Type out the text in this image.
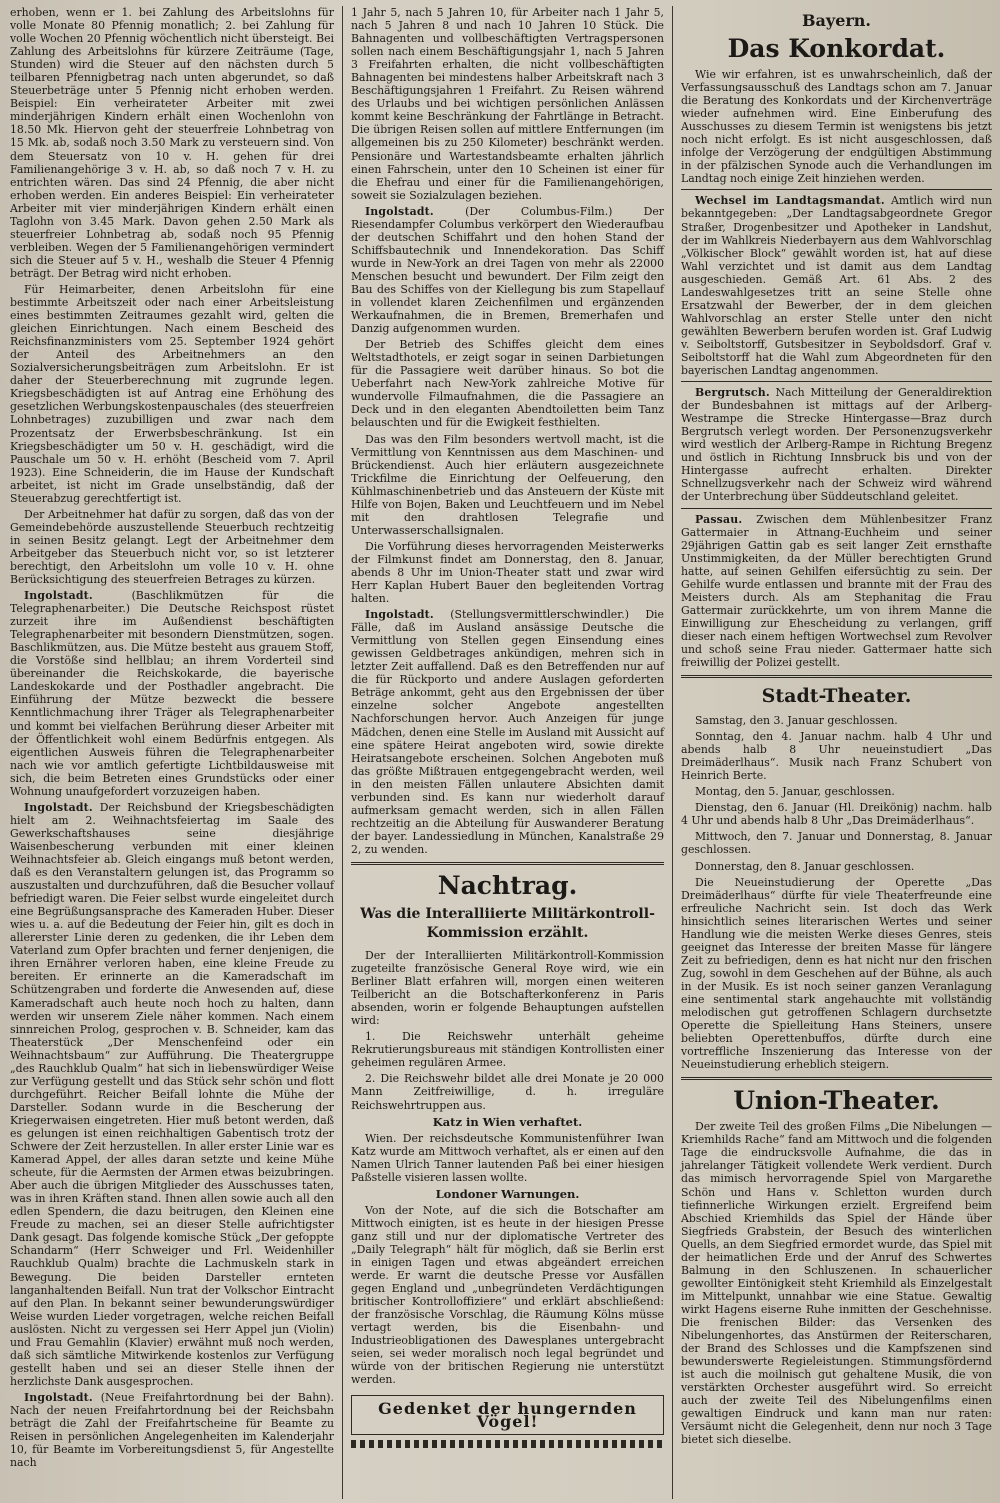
erhoben, wenn er 1. bei Zahlung des Arbeitslohns für volle Monate 80 Pfennig monatlich; 2. bei Zahlung für volle Wochen 20 Pfennig wöchentlich nicht übersteigt. Bei Zahlung des Arbeitslohns für kürzere Zeiträume (Tage, Stunden) wird die Steuer auf den nächsten durch 5 teilbaren Pfennigbetrag nach unten abgerundet, so daß Steuerbeträge unter 5 Pfennig nicht erhoben werden. Beispiel: Ein verheirateter Arbeiter mit zwei minderjährigen Kindern erhält einen Wochenlohn von 18.50 Mk. Hiervon geht der steuerfreie Lohnbetrag von 15 Mk. ab, sodaß noch 3.50 Mark zu versteuern sind. Von dem Steuersatz von 10 v. H. gehen für drei Familienangehörige 3 v. H. ab, so daß noch 7 v. H. zu entrichten wären. Das sind 24 Pfennig, die aber nicht erhoben werden. Ein anderes Beispiel: Ein verheirateter Arbeiter mit vier minderjährigen Kindern erhält einen Taglohn von 3.45 Mark. Davon gehen 2.50 Mark als steuerfreier Lohnbetrag ab, sodaß noch 95 Pfennig verbleiben. Wegen der 5 Familienangehörigen vermindert sich die Steuer auf 5 v. H., weshalb die Steuer 4 Pfennig beträgt. Der Betrag wird nicht erhoben.

Für Heimarbeiter, denen Arbeitslohn für eine bestimmte Arbeitszeit oder nach einer Arbeitsleistung eines bestimmten Zeitraumes gezahlt wird, gelten die gleichen Einrichtungen. Nach einem Bescheid des Reichsfinanzministers vom 25. September 1924 gehört der Anteil des Arbeitnehmers an den Sozialversicherungsbeiträgen zum Arbeitslohn. Er ist daher der Steuerberechnung mit zugrunde legen. Kriegsbeschädigten ist auf Antrag eine Erhöhung des gesetzlichen Werbungskostenpauschales (des steuerfreien Lohnbetrages) zuzubilligen und zwar nach dem Prozentsatz der Erwerbsbeschränkung. Ist ein Kriegsbeschädigter um 50 v. H. geschädigt, wird die Pauschale um 50 v. H. erhöht (Bescheid vom 7. April 1923). Eine Schneiderin, die im Hause der Kundschaft arbeitet, ist nicht im Grade unselbständig, daß der Steuerabzug gerechtfertigt ist.

Der Arbeitnehmer hat dafür zu sorgen, daß das von der Gemeindebehörde auszustellende Steuerbuch rechtzeitig in seinen Besitz gelangt. Legt der Arbeitnehmer dem Arbeitgeber das Steuerbuch nicht vor, so ist letzterer berechtigt, den Arbeitslohn um volle 10 v. H. ohne Berücksichtigung des steuerfreien Betrages zu kürzen.

Ingolstadt.	(Baschlikmützen für die Telegraphenarbeiter.) Die Deutsche Reichspost rüstet zurzeit ihre im Außendienst beschäftigten Telegraphenarbeiter mit besondern Dienstmützen, sogen. Baschlikmützen, aus. Die Mütze besteht aus grauem Stoff, die Vorstöße sind hellblau; an ihrem Vorderteil sind übereinander die Reichskokarde, die bayerische Landeskokarde und der Posthadler angebracht. Die Einführung der Mütze bezweckt die bessere Kenntlichmachung ihrer Träger als Telegraphenarbeiter und kommt bei vielfachen Berührung dieser Arbeiter mit der Öffentlichkeit wohl einem Bedürfnis entgegen. Als eigentlichen Ausweis führen die Telegraphenarbeiter nach wie vor amtlich gefertigte Lichtbildausweise mit sich, die beim Betreten eines Grundstücks oder einer Wohnung unaufgefordert vorzuzeigen haben.

Ingolstadt. Der Reichsbund der Kriegsbeschädigten hielt am 2. Weihnachtsfeiertag im Saale des Gewerkschaftshauses seine diesjährige Waisenbescherung verbunden mit einer kleinen Weihnachtsfeier ab. Gleich eingangs muß betont werden, daß es den Veranstaltern gelungen ist, das Programm so auszustalten und durchzuführen, daß die Besucher vollauf befriedigt waren. Die Feier selbst wurde eingeleitet durch eine Begrüßungsansprache des Kameraden Huber. Dieser wies u. a. auf die Bedeutung der Feier hin, gilt es doch in allererster Linie deren zu gedenken, die ihr Leben dem Vaterland zum Opfer brachten und ferner denjenigen, die ihren Ernährer verloren haben, eine kleine Freude zu bereiten. Er erinnerte an die Kameradschaft im Schützengraben und forderte die Anwesenden auf, diese Kameradschaft auch heute noch hoch zu halten, dann werden wir unserem Ziele näher kommen. Nach einem sinnreichen Prolog, gesprochen v. B. Schneider, kam das Theaterstück „Der Menschenfeind oder ein Weihnachtsbaum“ zur Aufführung. Die Theatergruppe „des Rauchklub Qualm“ hat sich in liebenswürdiger Weise zur Verfügung gestellt und das Stück sehr schön und flott durchgeführt. Reicher Beifall lohnte die Mühe der Darsteller. Sodann wurde in die Bescherung der Kriegerwaisen eingetreten. Hier muß betont werden, daß es gelungen ist einen reichhaltigen Gabentisch trotz der Schwere der Zeit herzustellen. In aller erster Linie war es Kamerad Appel, der alles daran setzte und keine Mühe scheute, für die Aermsten der Armen etwas beizubringen. Aber auch die übrigen Mitglieder des Ausschusses taten, was in ihren Kräften stand. Ihnen allen sowie auch all den edlen Spendern, die dazu beitrugen, den Kleinen eine Freude zu machen, sei an dieser Stelle aufrichtigster Dank gesagt. Das folgende komische Stück „Der gefoppte Schandarm“ (Herr Schweiger und Frl. Weidenhiller Rauchklub Qualm) brachte die Lachmuskeln stark in Bewegung. Die beiden Darsteller ernteten langanhaltenden Beifall. Nun trat der Volkschor Eintracht auf den Plan. In bekannt seiner bewunderungswürdiger Weise wurden Lieder vorgetragen, welche reichen Beifall auslösten. Nicht zu vergessen sei Herr Appel jun (Violin) und Frau Gemahlin (Klavier) erwähnt muß noch werden, daß sich sämtliche Mitwirkende kostenlos zur Verfügung gestellt haben und sei an dieser Stelle ihnen der herzlichste Dank ausgesprochen.

Ingolstadt. (Neue Freifahrtordnung bei der Bahn). Nach der neuen Freifahrtordnung bei der Reichsbahn beträgt die Zahl der Freifahrtscheine für Beamte zu Reisen in persönlichen Angelegenheiten im Kalenderjahr 10, für Beamte im Vorbereitungsdienst 5, für Angestellte nach

1 Jahr 5, nach 5 Jahren 10, für Arbeiter nach 1 Jahr 5, nach 5 Jahren 8 und nach 10 Jahren 10 Stück. Die Bahnagenten und vollbeschäftigten Vertragspersonen sollen nach einem Beschäftigungsjahr 1, nach 5 Jahren 3 Freifahrten erhalten, die nicht vollbeschäftigten Bahnagenten bei mindestens halber Arbeitskraft nach 3 Beschäftigungsjahren 1 Freifahrt. Zu Reisen während des Urlaubs und bei wichtigen persönlichen Anlässen kommt keine Beschränkung der Fahrtlänge in Betracht. Die übrigen Reisen sollen auf mittlere Entfernungen (im allgemeinen bis zu 250 Kilometer) beschränkt werden. Pensionäre und Wartestandsbeamte erhalten jährlich einen Fahrschein, unter den 10 Scheinen ist einer für die Ehefrau und einer für die Familienangehörigen, soweit sie Sozialzulagen beziehen.

Ingolstadt.	(Der Columbus-Film.) Der Riesendampfer Columbus verkörpert den Wiederaufbau der deutschen Schiffahrt und den hohen Stand der Schiffsbautechnik und Innendekoration. Das Schiff wurde in New-York an drei Tagen von mehr als 22000 Menschen besucht und bewundert. Der Film zeigt den Bau des Schiffes von der Kiellegung bis zum Stapellauf in vollendet klaren Zeichenfilmen und ergänzenden Werkaufnahmen, die in Bremen, Bremerhafen und Danzig aufgenommen wurden.

Der Betrieb des Schiffes gleicht dem eines Weltstadthotels, er zeigt sogar in seinen Darbietungen für die Passagiere weit darüber hinaus. So bot die Ueberfahrt nach New-York zahlreiche Motive für wundervolle Filmaufnahmen, die die Passagiere an Deck und in den eleganten Abendtoiletten beim Tanz belauschten und für die Ewigkeit festhielten.

Das was den Film besonders wertvoll macht, ist die Vermittlung von Kenntnissen aus dem Maschinen- und Brückendienst. Auch hier erläutern ausgezeichnete Trickfilme die Einrichtung der Oelfeuerung, den Kühlmaschinenbetrieb und das Ansteuern der Küste mit Hilfe von Bojen, Baken und Leuchtfeuern und im Nebel mit den drahtlosen Telegrafie und Unterwasserschallsignalen.

Die Vorführung dieses hervorragenden Meisterwerks der Filmkunst findet am Donnerstag, den 8. Januar, abends 8 Uhr im Union-Theater statt und zwar wird Herr Kaplan Hubert Bauer den begleitenden Vortrag halten.

Ingolstadt. (Stellungsvermittlerschwindler.) Die Fälle, daß im Ausland ansässige Deutsche die Vermittlung von Stellen gegen Einsendung eines gewissen Geldbetrages ankündigen, mehren sich in letzter Zeit auffallend. Daß es den Betreffenden nur auf die für Rückporto und andere Auslagen geforderten Beträge ankommt, geht aus den Ergebnissen der über einzelne solcher Angebote angestellten Nachforschungen hervor. Auch Anzeigen für junge Mädchen, denen eine Stelle im Ausland mit Aussicht auf eine spätere Heirat angeboten wird, sowie direkte Heiratsangebote erscheinen. Solchen Angeboten muß das größte Mißtrauen entgegengebracht werden, weil in den meisten Fällen unlautere Absichten damit verbunden sind. Es kann nur wiederholt darauf aufmerksam gemacht werden, sich in allen Fällen rechtzeitig an die Abteilung für Auswanderer Beratung der bayer. Landessiedlung in München, Kanalstraße 29 2, zu wenden.

Nachtrag.
Was die Interalliierte Militärkontroll-Kommission erzählt.

Der der Interalliierten Militärkontroll-Kommission zugeteilte französische General Roye wird, wie ein Berliner Blatt erfahren will, morgen einen weiteren Teilbericht an die Botschafterkonferenz in Paris absenden, worin er folgende Behauptungen aufstellen wird:

1. Die Reichswehr unterhält geheime Rekrutierungsbureaus mit ständigen Kontrollisten einer geheimen regulären Armee.

2. Die Reichswehr bildet alle drei Monate je 20 000 Mann Zeitfreiwillige, d. h. irreguläre Reichswehrtruppen aus.

Katz in Wien verhaftet.

Wien. Der reichsdeutsche Kommunistenführer Iwan Katz wurde am Mittwoch verhaftet, als er einen auf den Namen Ulrich Tanner lautenden Paß bei einer hiesigen Paßstelle visieren lassen wollte.

Londoner Warnungen.

Von der Note, auf die sich die Botschafter am Mittwoch einigten, ist es heute in der hiesigen Presse ganz still und nur der diplomatische Vertreter des „Daily Telegraph“ hält für möglich, daß sie Berlin erst in einigen Tagen und etwas abgeändert erreichen werde. Er warnt die deutsche Presse vor Ausfällen gegen England und „unbegründeten Verdächtigungen britischer Kontrolloffiziere“ und erklärt abschließend: der französische Vorschlag, die Räumung Kölns müsse vertagt werden, bis die Eisenbahn- und Industrieobligationen des Dawesplanes untergebracht seien, sei weder moralisch noch legal begründet und würde von der britischen Regierung nie unterstützt werden.

Gedenket der hungernden Vögel!
Bayern.
Das Konkordat.

Wie wir erfahren, ist es unwahrscheinlich, daß der Verfassungsausschuß des Landtags schon am 7. Januar die Beratung des Konkordats und der Kirchenverträge wieder aufnehmen wird. Eine Einberufung des Ausschusses zu diesem Termin ist wenigstens bis jetzt noch nicht erfolgt. Es ist nicht ausgeschlossen, daß infolge der Verzögerung der endgültigen Abstimmung in der pfälzischen Synode auch die Verhandlungen im Landtag noch einige Zeit hinziehen werden.

Wechsel im Landtagsmandat. Amtlich wird nun bekanntgegeben: „Der Landtagsabgeordnete Gregor Straßer, Drogenbesitzer und Apotheker in Landshut, der im Wahlkreis Niederbayern aus dem Wahlvorschlag „Völkischer Block“ gewählt worden ist, hat auf diese Wahl verzichtet und ist damit aus dem Landtag ausgeschieden. Gemäß Art. 61 Abs. 2 des Landeswahlgesetzes tritt an seine Stelle ohne Ersatzwahl der Bewerber, der in dem gleichen Wahlvorschlag an erster Stelle unter den nicht gewählten Bewerbern berufen worden ist. Graf Ludwig v. Seiboltstorff, Gutsbesitzer in Seyboldsdorf. Graf v. Seiboltstorff hat die Wahl zum Abgeordneten für den bayerischen Landtag angenommen.

Bergrutsch. Nach Mitteilung der Generaldirektion der Bundesbahnen ist mittags auf der Arlberg-Westrampe die Strecke Hintergasse—Braz durch Bergrutsch verlegt worden. Der Personenzugsverkehr wird westlich der Arlberg-Rampe in Richtung Bregenz und östlich in Richtung Innsbruck bis und von der Hintergasse aufrecht erhalten. Direkter Schnellzugsverkehr nach der Schweiz wird während der Unterbrechung über Süddeutschland geleitet.

Passau. Zwischen dem Mühlenbesitzer Franz Gattermaier in Attnang-Euchheim und seiner 29jährigen Gattin gab es seit langer Zeit ernsthafte Unstimmigkeiten, da der Müller berechtigten Grund hatte, auf seinen Gehilfen eifersüchtig zu sein. Der Gehilfe wurde entlassen und brannte mit der Frau des Meisters durch. Als am Stephanitag die Frau Gattermair zurückkehrte, um von ihrem Manne die Einwilligung zur Ehescheidung zu verlangen, griff dieser nach einem heftigen Wortwechsel zum Revolver und schoß seine Frau nieder. Gattermaer hatte sich freiwillig der Polizei gestellt.

Stadt-Theater.

Samstag, den 3. Januar geschlossen.

Sonntag, den 4. Januar nachm. halb 4 Uhr und abends halb 8 Uhr neueinstudiert „Das Dreimäderlhaus“. Musik nach Franz Schubert von Heinrich Berte.

Montag, den 5. Januar, geschlossen.

Dienstag, den 6. Januar (Hl. Dreikönig) nachm. halb 4 Uhr und abends halb 8 Uhr „Das Dreimäderlhaus“.

Mittwoch, den 7. Januar und Donnerstag, 8. Januar geschlossen.

Donnerstag, den 8. Januar geschlossen.

Die Neueinstudierung der Operette „Das Dreimäderlhaus“ dürfte für viele Theaterfreunde eine erfreuliche Nachricht sein. Ist doch das Werk hinsichtlich seines literarischen Wertes und seiner Handlung wie die meisten Werke dieses Genres, steis geeignet das Interesse der breiten Masse für längere Zeit zu befriedigen, denn es hat nicht nur den frischen Zug, sowohl in dem Geschehen auf der Bühne, als auch in der Musik. Es ist noch seiner ganzen Veranlagung eine sentimental stark angehauchte mit vollständig melodischen gut getroffenen Schlagern durchsetzte Operette die Spielleitung Hans Steiners, unsere beliebten Operettenbuffos, dürfte durch eine vortreffliche Inszenierung das Interesse von der Neueinstudierung erheblich steigern.

Union-Theater.

Der zweite Teil des großen Films „Die Nibelungen — Kriemhilds Rache“ fand am Mittwoch und die folgenden Tage die eindrucksvolle Aufnahme, die das in jahrelanger Tätigkeit vollendete Werk verdient. Durch das mimisch hervorragende Spiel von Margarethe Schön und Hans v. Schletton wurden durch tiefinnerliche Wirkungen erzielt. Ergreifend beim Abschied Kriemhilds das Spiel der Hände über Siegfrieds Grabstein, der Besuch des winterlichen Quells, an dem Siegfried ermordet wurde, das Spiel mit der heimatlichen Erde und der Anruf des Schwertes Balmung in den Schluszenen. In schauerlicher gewollter Eintönigkeit steht Kriemhild als Einzelgestalt im Mittelpunkt, unnahbar wie eine Statue. Gewaltig wirkt Hagens eiserne Ruhe inmitten der Geschehnisse. Die frenischen Bilder: das Versenken des Nibelungenhortes, das Anstürmen der Reiterscharen, der Brand des Schlosses und die Kampfszenen sind bewunderswerte Regieleistungen. Stimmungsfördernd ist auch die moilnisch gut gehaltene Musik, die von verstärkten Orchester ausgeführt wird. So erreicht auch der zweite Teil des Nibelungenfilms einen gewaltigen Eindruck und kann man nur raten: Versäumt nicht die Gelegenheit, denn nur noch 3 Tage bietet sich dieselbe.
